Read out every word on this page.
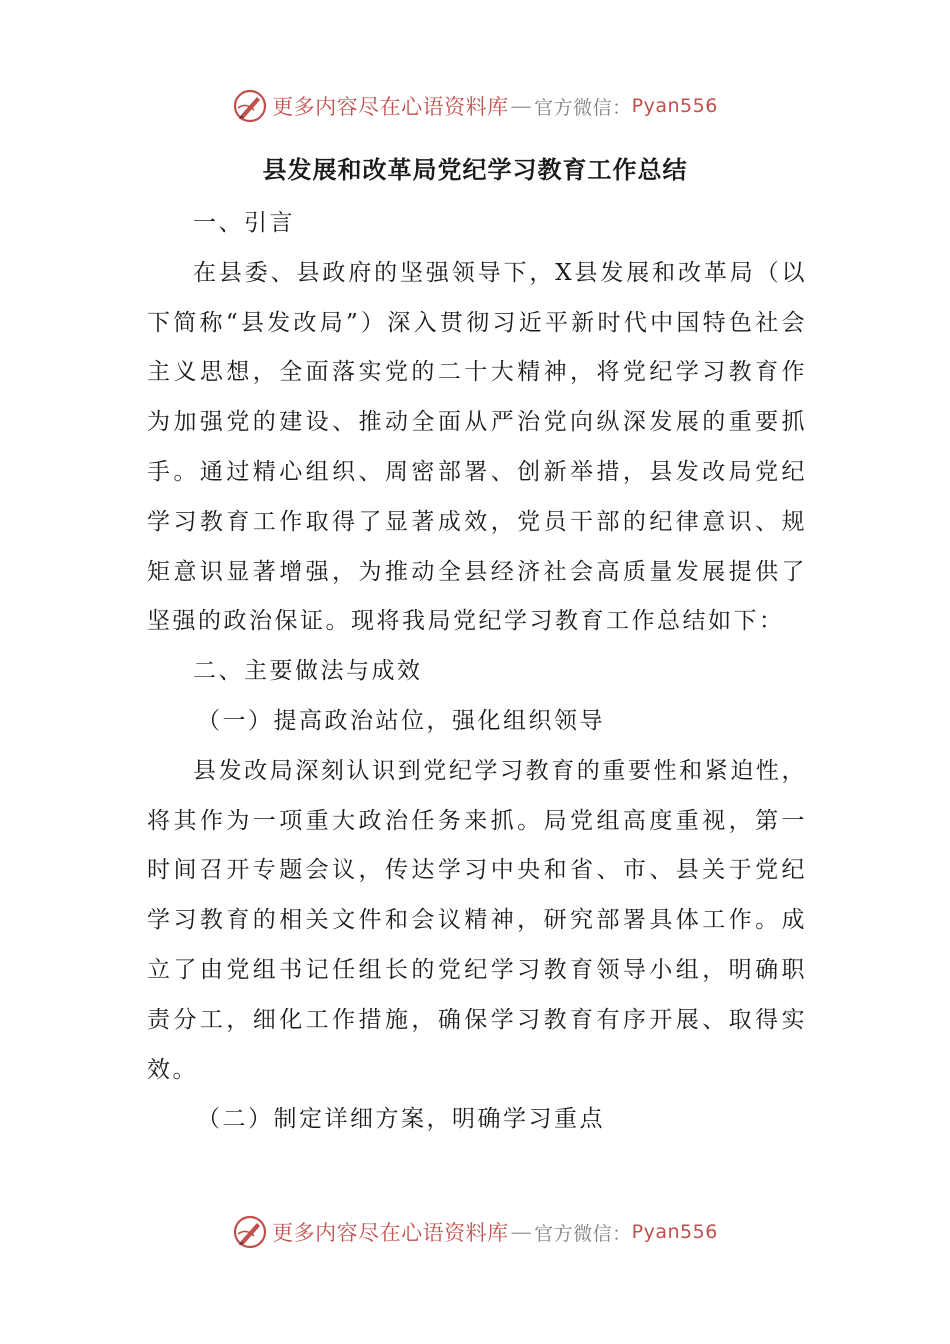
更多内容尽在心语资料库 — 官方微信： Pyan556
县发展和改革局党纪学习教育工作总结

一、引言

在县委、县政府的坚强领导下，X县发展和改革局（以下简称“县发改局”）深入贯彻习近平新时代中国特色社会主义思想，全面落实党的二十大精神，将党纪学习教育作为加强党的建设、推动全面从严治党向纵深发展的重要抓手。通过精心组织、周密部署、创新举措，县发改局党纪学习教育工作取得了显著成效，党员干部的纪律意识、规矩意识显著增强，为推动全县经济社会高质量发展提供了坚强的政治保证。现将我局党纪学习教育工作总结如下：

二、主要做法与成效

（一）提高政治站位，强化组织领导

县发改局深刻认识到党纪学习教育的重要性和紧迫性，将其作为一项重大政治任务来抓。局党组高度重视，第一时间召开专题会议，传达学习中央和省、市、县关于党纪学习教育的相关文件和会议精神，研究部署具体工作。成立了由党组书记任组长的党纪学习教育领导小组，明确职责分工，细化工作措施，确保学习教育有序开展、取得实效。

（二）制定详细方案，明确学习重点

更多内容尽在心语资料库 — 官方微信： Pyan556
